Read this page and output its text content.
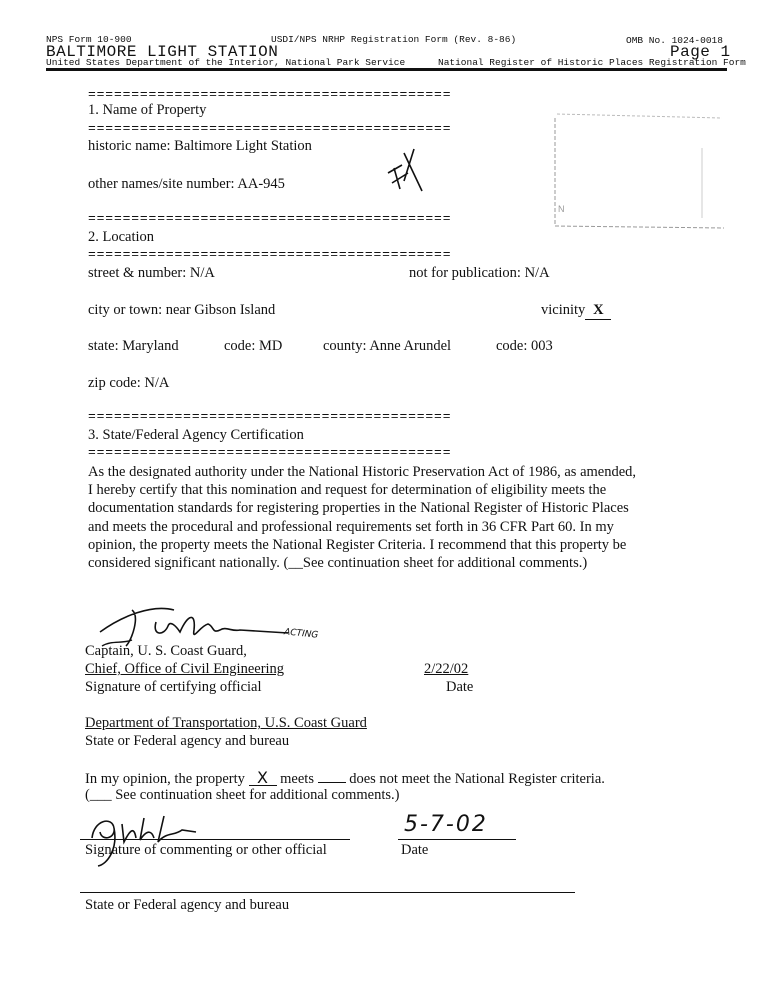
NPS Form 10-900	USDI/NPS NRHP Registration Form (Rev. 8-86)	OMB No. 1024-0018
BALTIMORE LIGHT STATION	Page 1
United States Department of the Interior, National Park Service	National Register of Historic Places Registration Form
==========================================
1. Name of Property
==========================================
historic name: Baltimore Light Station
other names/site number: AA-945
N
==========================================
2. Location
==========================================
street & number: N/A	not for publication: N/A
city or town: near Gibson Island	vicinity X
state: Maryland	code: MD	county: Anne Arundel	code: 003
zip code: N/A
==========================================
3. State/Federal Agency Certification
==========================================
As the designated authority under the National Historic Preservation Act of 1986, as amended,
I hereby certify that this nomination and request for determination of eligibility meets the
documentation standards for registering properties in the National Register of Historic Places
and meets the procedural and professional requirements set forth in 36 CFR Part 60. In my
opinion, the property meets the National Register Criteria. I recommend that this property be
considered significant nationally. (__See continuation sheet for additional comments.)
ACTING
Captain, U. S. Coast Guard,
Chief, Office of Civil Engineering
Signature of certifying official
2/22/02
Date
Department of Transportation, U.S. Coast Guard
State or Federal agency and bureau
In my opinion, the property X meets does not meet the National Register criteria.
(___ See continuation sheet for additional comments.)
5-7-02
Signature of commenting or other official	Date
State or Federal agency and bureau
